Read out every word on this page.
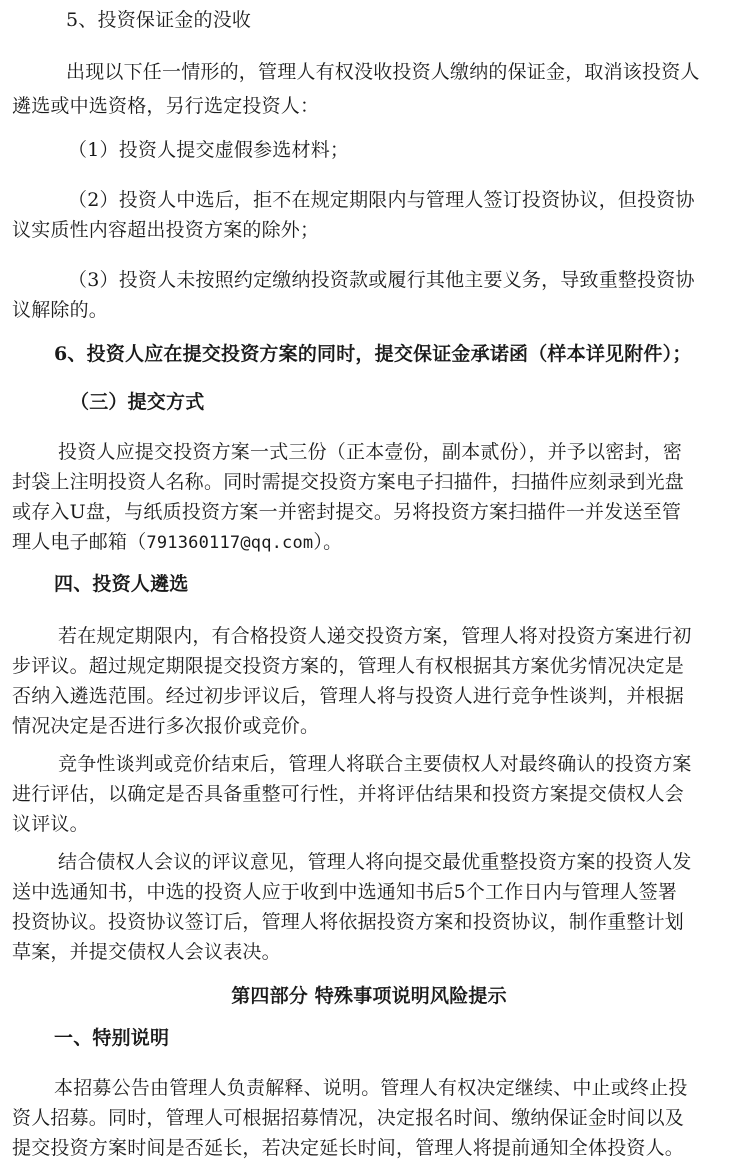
5、投资保证金的没收
出现以下任一情形的，管理人有权没收投资人缴纳的保证金，取消该投资人
遴选或中选资格，另行选定投资人：
（1）投资人提交虚假参选材料；
（2）投资人中选后，拒不在规定期限内与管理人签订投资协议，但投资协
议实质性内容超出投资方案的除外；
（3）投资人未按照约定缴纳投资款或履行其他主要义务，导致重整投资协
议解除的。
6、投资人应在提交投资方案的同时，提交保证金承诺函（样本详见附件）；
（三）提交方式
投资人应提交投资方案一式三份（正本壹份，副本贰份），并予以密封，密
封袋上注明投资人名称。同时需提交投资方案电子扫描件，扫描件应刻录到光盘
或存入U盘，与纸质投资方案一并密封提交。另将投资方案扫描件一并发送至管
理人电子邮箱（791360117@qq.com）。
四、投资人遴选
若在规定期限内，有合格投资人递交投资方案，管理人将对投资方案进行初
步评议。超过规定期限提交投资方案的，管理人有权根据其方案优劣情况决定是
否纳入遴选范围。经过初步评议后，管理人将与投资人进行竞争性谈判，并根据
情况决定是否进行多次报价或竞价。
竞争性谈判或竞价结束后，管理人将联合主要债权人对最终确认的投资方案
进行评估，以确定是否具备重整可行性，并将评估结果和投资方案提交债权人会
议评议。
结合债权人会议的评议意见，管理人将向提交最优重整投资方案的投资人发
送中选通知书，中选的投资人应于收到中选通知书后5个工作日内与管理人签署
投资协议。投资协议签订后，管理人将依据投资方案和投资协议，制作重整计划
草案，并提交债权人会议表决。
第四部分 特殊事项说明风险提示
一、特别说明
本招募公告由管理人负责解释、说明。管理人有权决定继续、中止或终止投
资人招募。同时，管理人可根据招募情况，决定报名时间、缴纳保证金时间以及
提交投资方案时间是否延长，若决定延长时间，管理人将提前通知全体投资人。
